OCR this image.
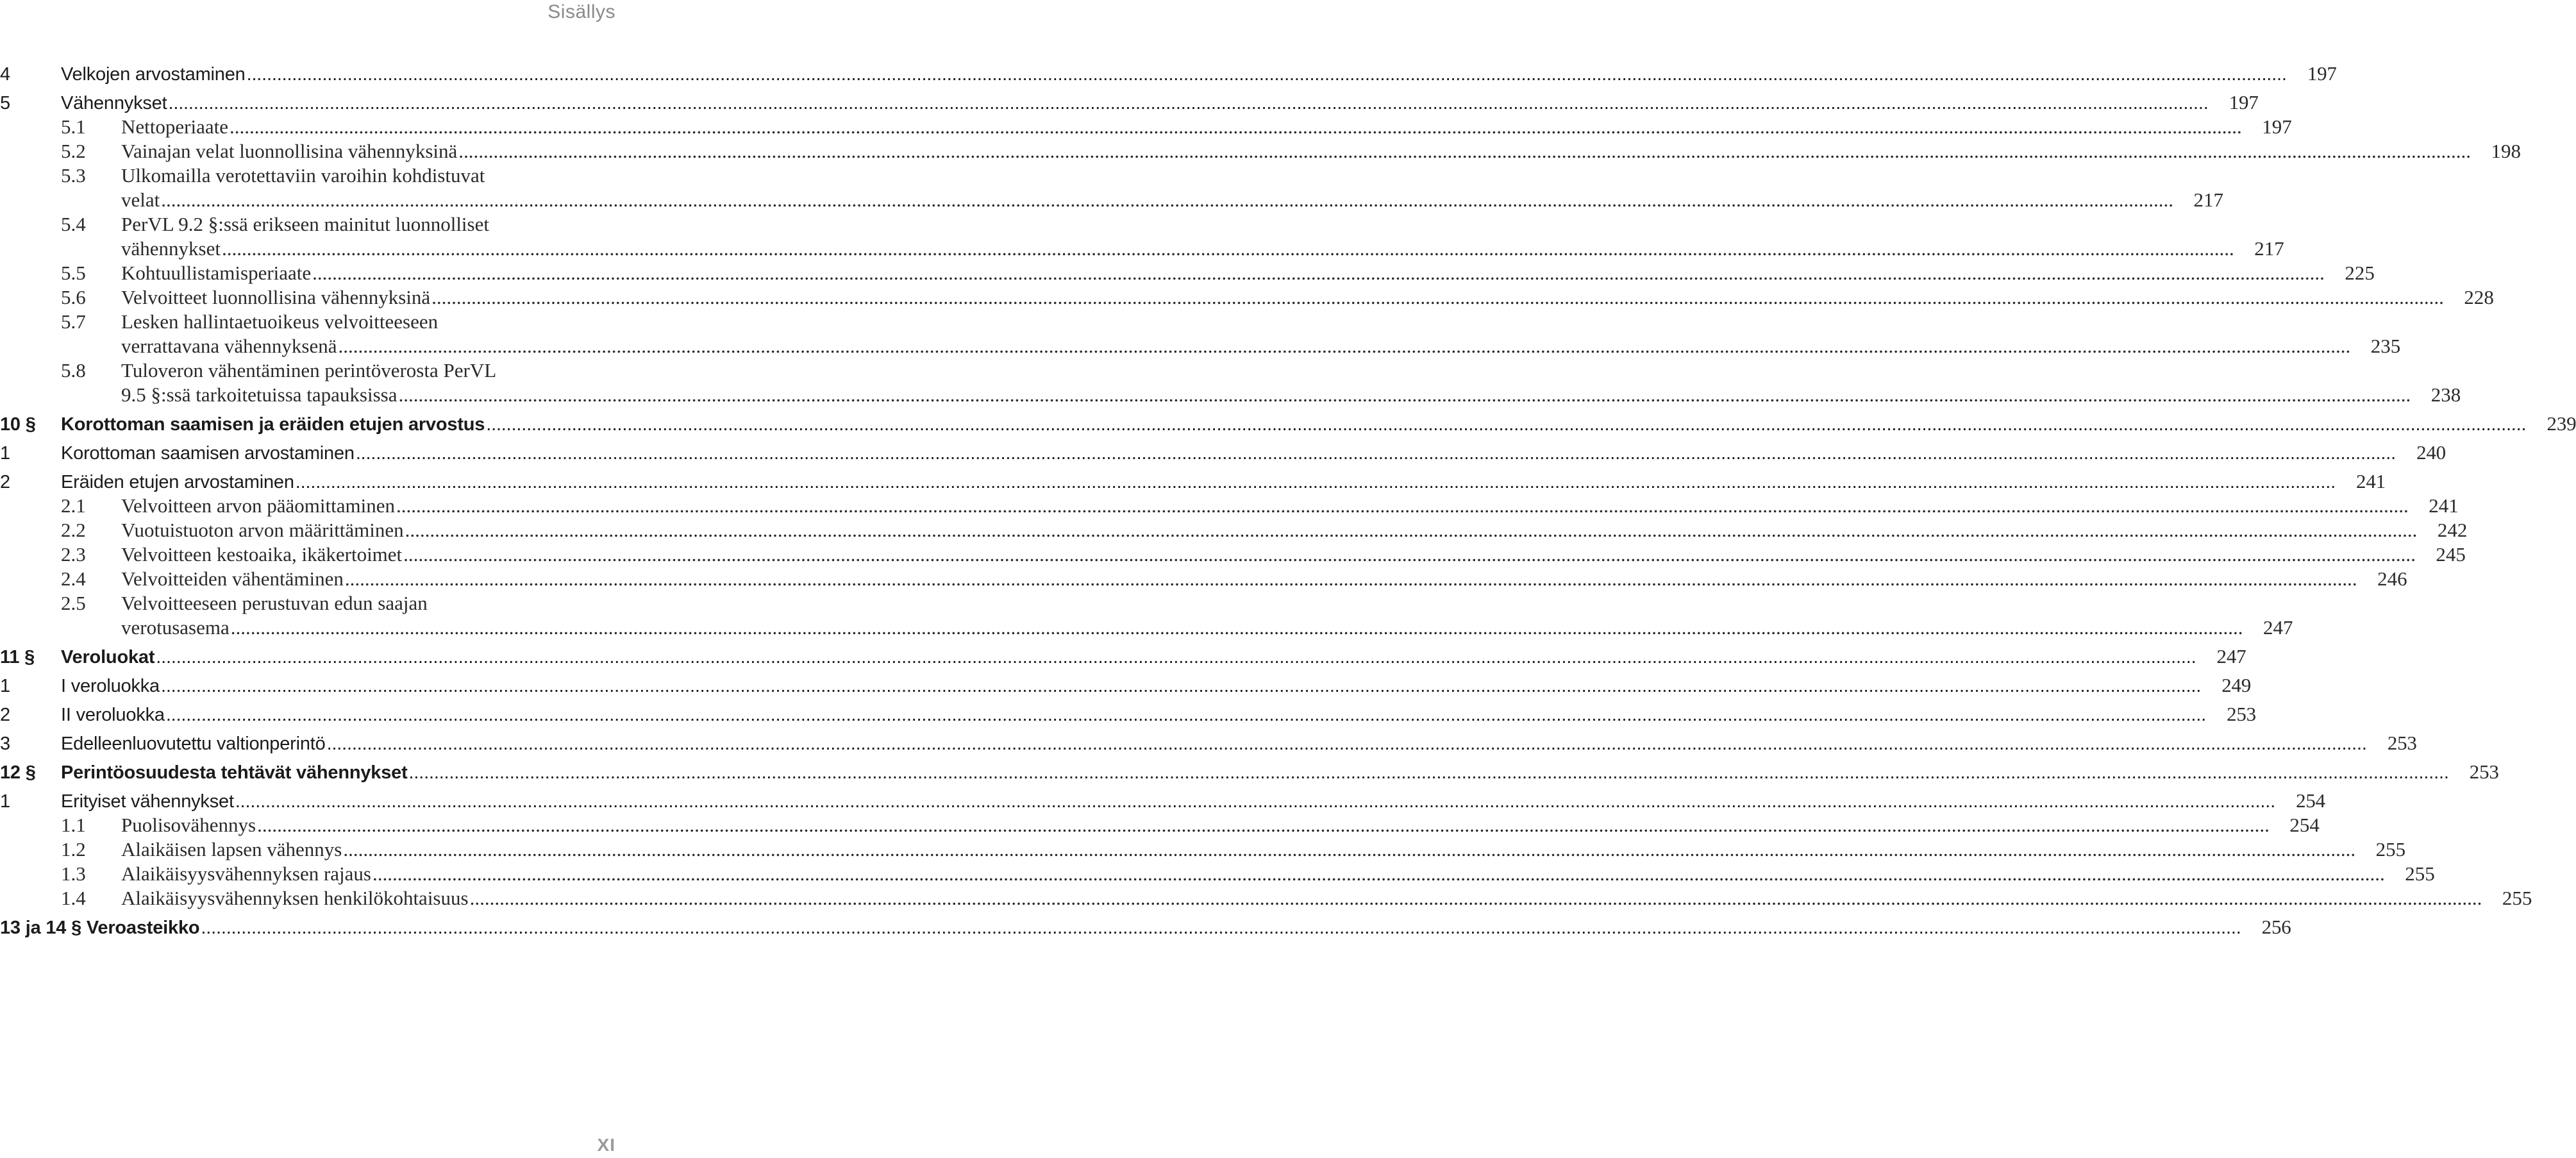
Sisällys
4	Velkojen arvostaminen .....	197
5	Vähennykset .....	197
5.1	Nettoperiaate .....	197
5.2	Vainajan velat luonnollisina vähennyksinä .....	198
5.3	Ulkomailla verotettaviin varoihin kohdistuvat
velat .....	217
5.4	PerVL 9.2 §:ssä erikseen mainitut luonnolliset
vähennykset .....	217
5.5	Kohtuullistamisperiaate .....	225
5.6	Velvoitteet luonnollisina vähennyksinä .....	228
5.7	Lesken hallintaetuoikeus velvoitteeseen
verrattavana vähennyksenä .....	235
5.8	Tuloveron vähentäminen perintöverosta PerVL
9.5 §:ssä tarkoitetuissa tapauksissa .....	238
10 §	Korottoman saamisen ja eräiden etujen arvostus .....	239
1	Korottoman saamisen arvostaminen .....	240
2	Eräiden etujen arvostaminen .....	241
2.1	Velvoitteen arvon pääomittaminen .....	241
2.2	Vuotuistuoton arvon määrittäminen .....	242
2.3	Velvoitteen kestoaika, ikäkertoimet .....	245
2.4	Velvoitteiden vähentäminen .....	246
2.5	Velvoitteeseen perustuvan edun saajan
verotusasema .....	247
11 §	Veroluokat .....	247
1	I veroluokka .....	249
2	II veroluokka .....	253
3	Edelleenluovutettu valtionperintö .....	253
12 §	Perintöosuudesta tehtävät vähennykset .....	253
1	Erityiset vähennykset .....	254
1.1	Puolisovähennys .....	254
1.2	Alaikäisen lapsen vähennys .....	255
1.3	Alaikäisyysvähennyksen rajaus .....	255
1.4	Alaikäisyysvähennyksen henkilökohtaisuus .....	255
13 ja 14 § Veroasteikko .....	256
XI
